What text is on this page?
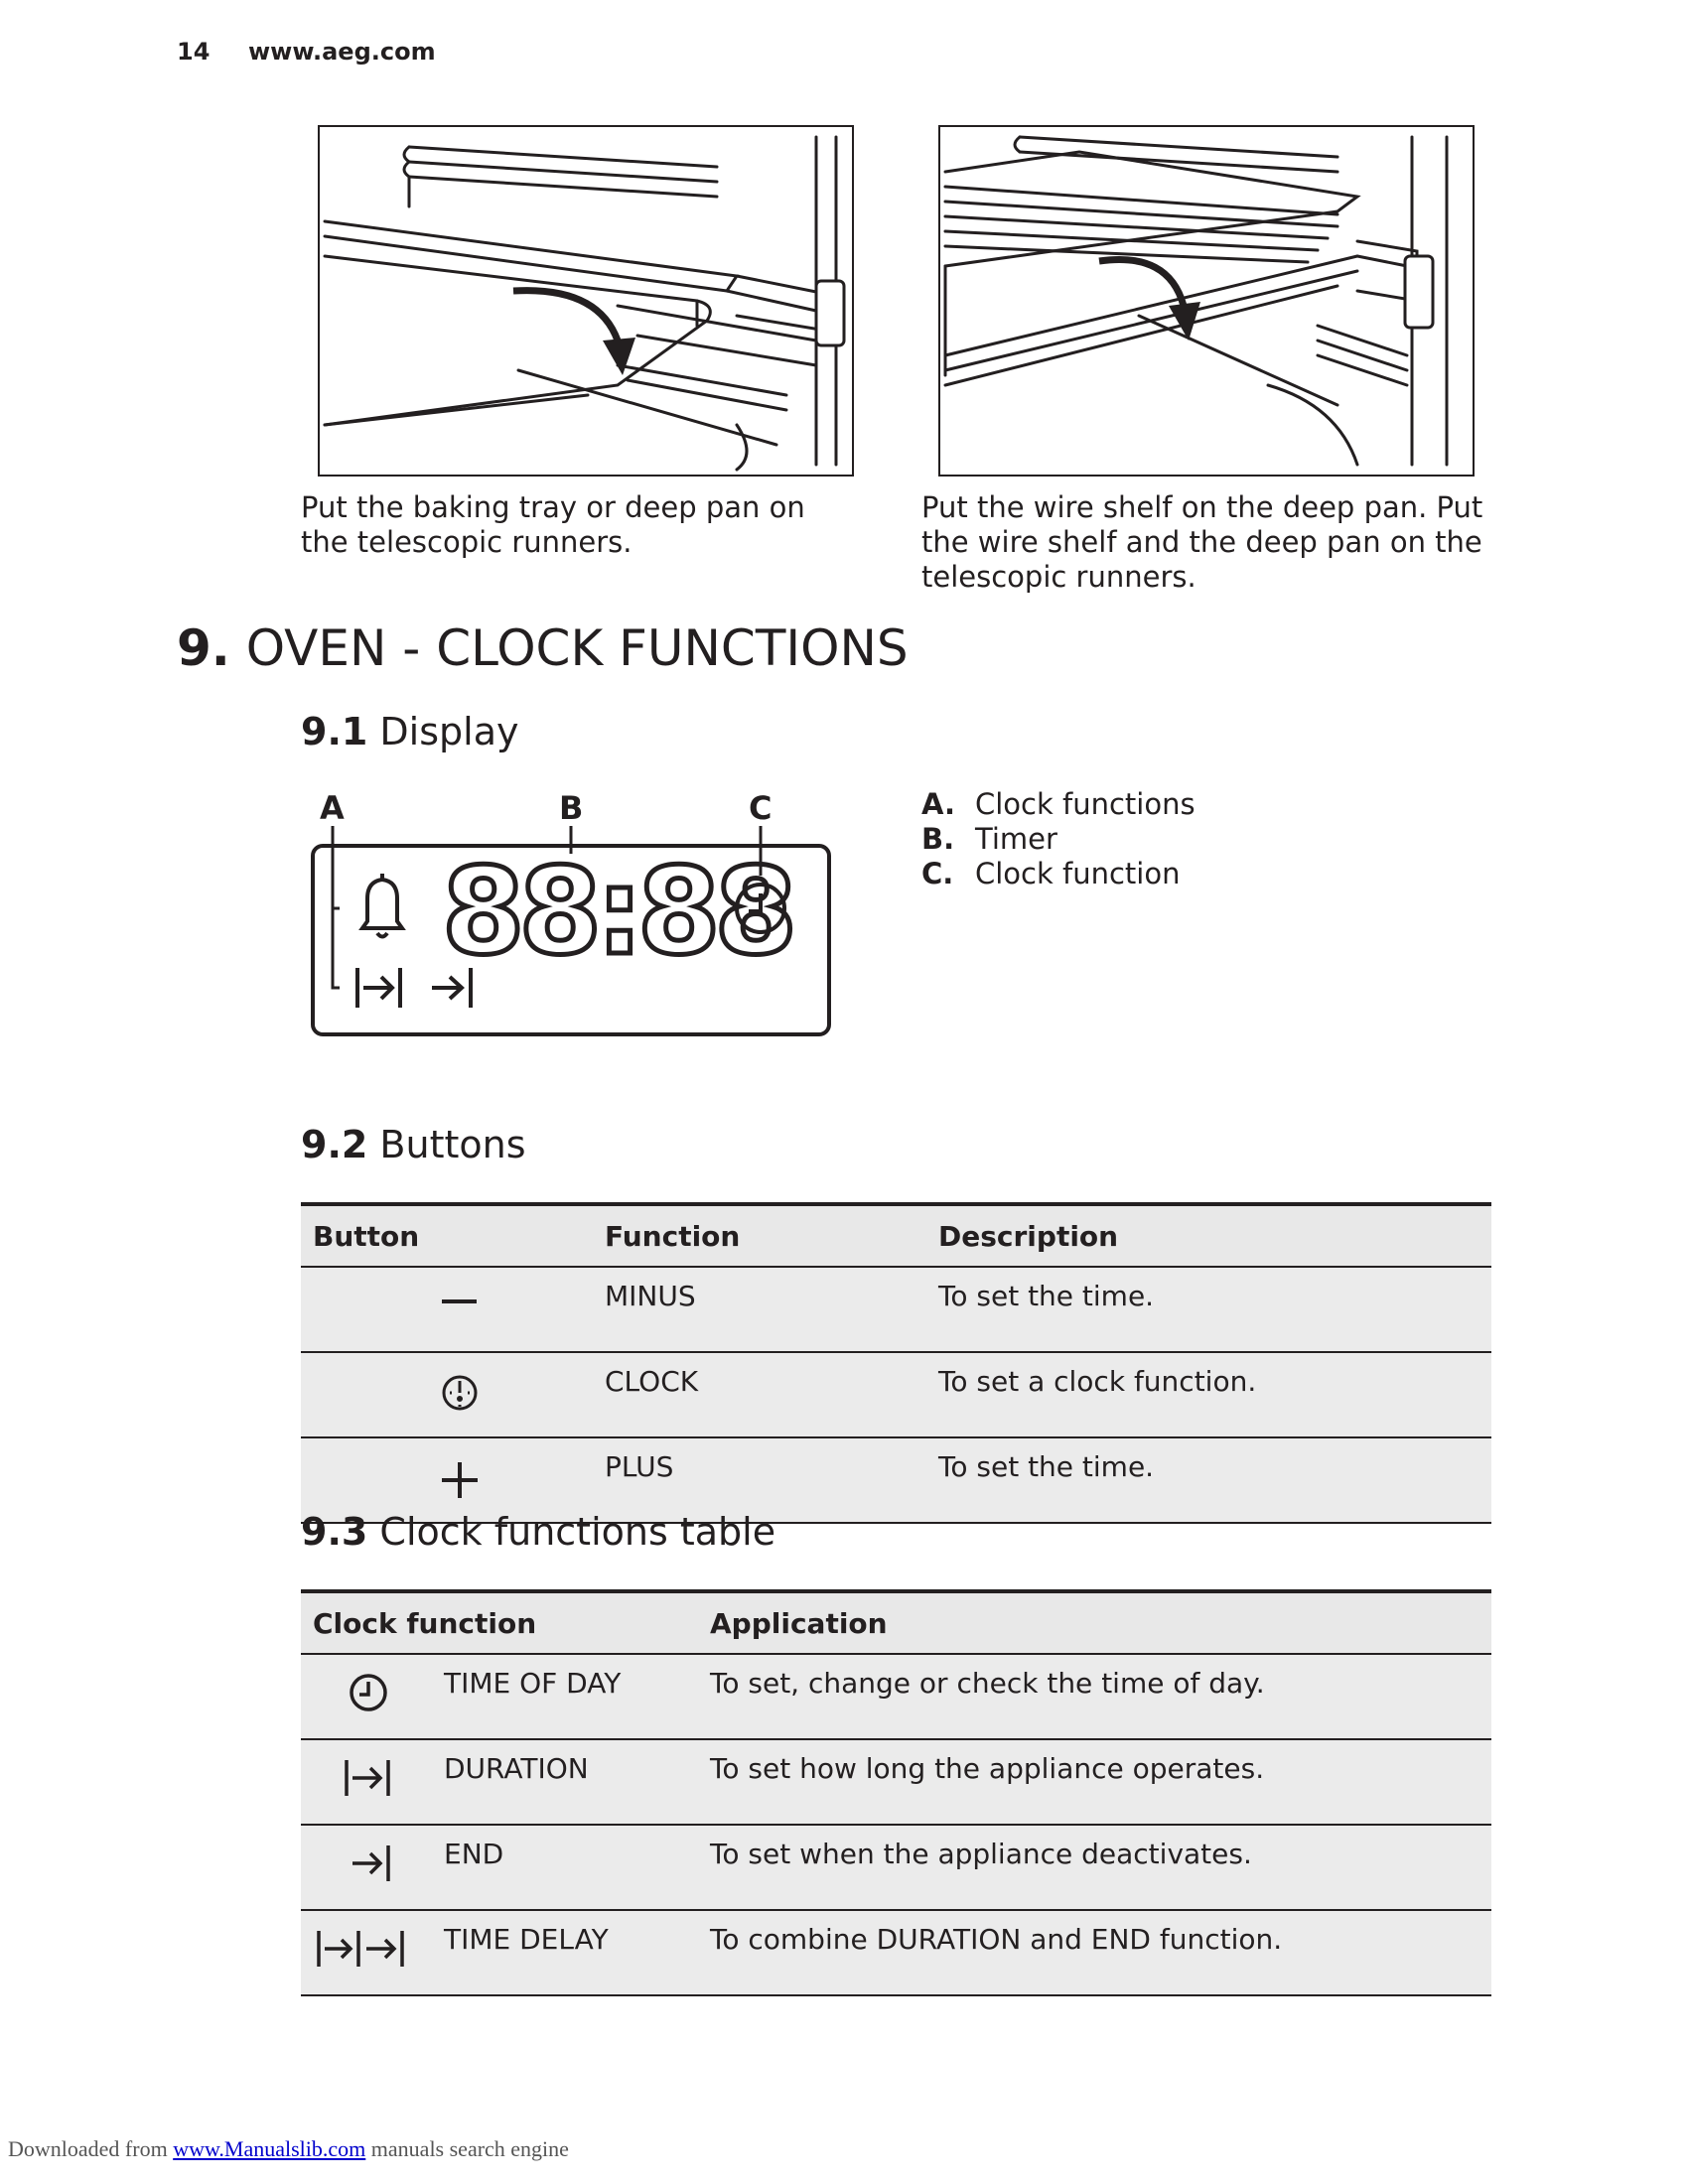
14 www.aeg.com
Put the baking tray or deep pan on the telescopic runners.
Put the wire shelf on the deep pan. Put the wire shelf and the deep pan on the telescopic runners.
9. OVEN - CLOCK FUNCTIONS
9.1 Display
A	B	C
88:88
A. Clock functions
B. Timer
C. Clock function
9.2 Buttons
Button	Function	Description
	MINUS	To set the time.
	CLOCK	To set a clock function.
	PLUS	To set the time.
9.3 Clock functions table
Clock function		Application
	TIME OF DAY	To set, change or check the time of day.
	DURATION	To set how long the appliance operates.
	END	To set when the appliance deactivates.
	TIME DELAY	To combine DURATION and END function.
Downloaded from www.Manualslib.com manuals search engine
